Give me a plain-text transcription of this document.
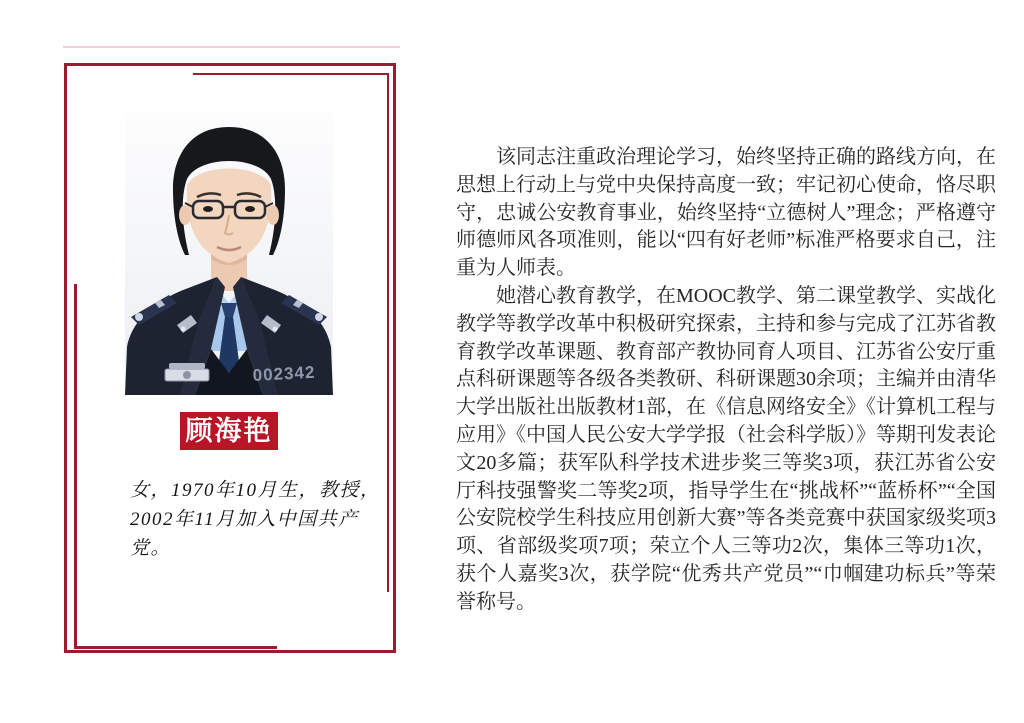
002342
顾海艳
女，1970年10月生，教授，2002年11月加入中国共产党。

该同志注重政治理论学习，始终坚持正确的路线方向，在思想上行动上与党中央保持高度一致；牢记初心使命，恪尽职守，忠诚公安教育事业，始终坚持“立德树人”理念；严格遵守师德师风各项准则，能以“四有好老师”标准严格要求自己，注重为人师表。

她潜心教育教学，在MOOC教学、第二课堂教学、实战化教学等教学改革中积极研究探索，主持和参与完成了江苏省教育教学改革课题、教育部产教协同育人项目、江苏省公安厅重点科研课题等各级各类教研、科研课题30余项；主编并由清华大学出版社出版教材1部，在《信息网络安全》《计算机工程与应用》《中国人民公安大学学报（社会科学版）》等期刊发表论文20多篇；获军队科学技术进步奖三等奖3项，获江苏省公安厅科技强警奖二等奖2项，指导学生在“挑战杯”“蓝桥杯”“全国公安院校学生科技应用创新大赛”等各类竞赛中获国家级奖项3项、省部级奖项7项；荣立个人三等功2次，集体三等功1次，获个人嘉奖3次，获学院“优秀共产党员”“巾帼建功标兵”等荣誉称号。
